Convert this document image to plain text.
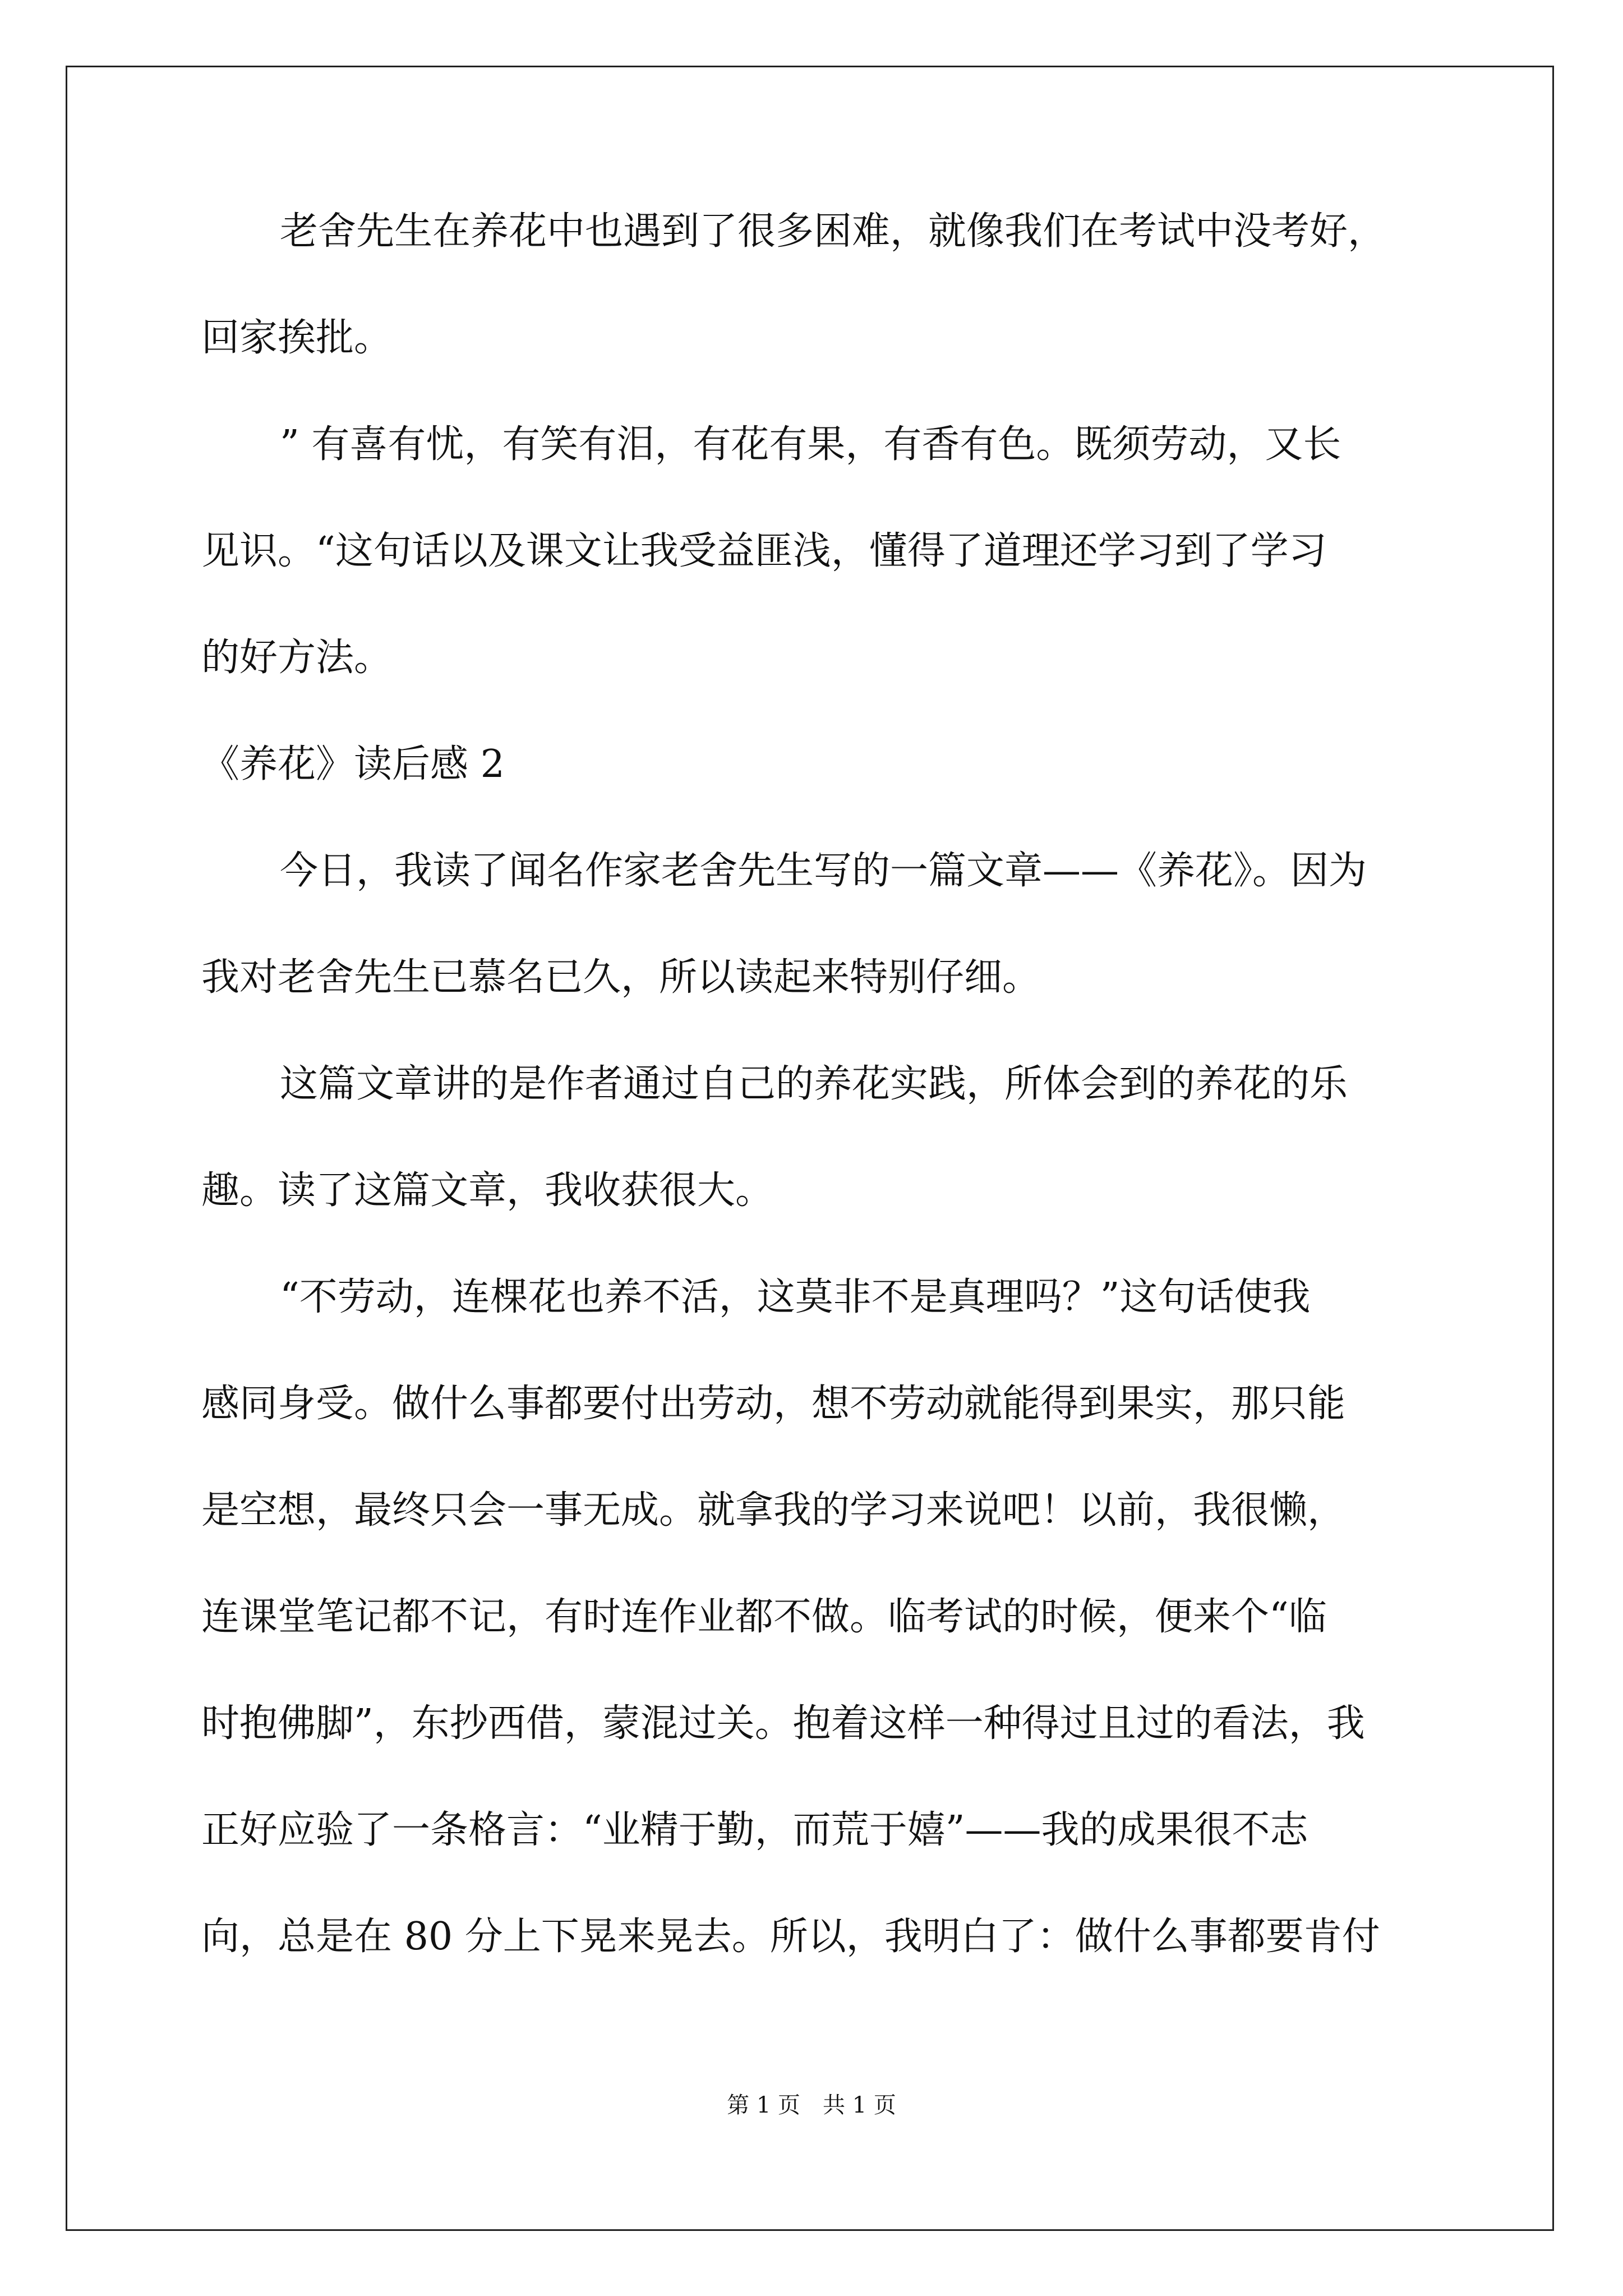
老舍先生在养花中也遇到了很多困难，就像我们在考试中没考好，
回家挨批。
” 有喜有忧，有笑有泪，有花有果，有香有色。既须劳动，又长
见识。“这句话以及课文让我受益匪浅，懂得了道理还学习到了学习
的好方法。
《养花》读后感 2
今日，我读了闻名作家老舍先生写的一篇文章——《养花》。因为
我对老舍先生已慕名已久，所以读起来特别仔细。
这篇文章讲的是作者通过自己的养花实践，所体会到的养花的乐
趣。读了这篇文章，我收获很大。
“不劳动，连棵花也养不活，这莫非不是真理吗？”这句话使我
感同身受。做什么事都要付出劳动，想不劳动就能得到果实，那只能
是空想，最终只会一事无成。就拿我的学习来说吧！以前，我很懒，
连课堂笔记都不记，有时连作业都不做。临考试的时候，便来个“临
时抱佛脚”，东抄西借，蒙混过关。抱着这样一种得过且过的看法，我
正好应验了一条格言：“业精于勤，而荒于嬉”——我的成果很不志
向，总是在 80 分上下晃来晃去。所以，我明白了：做什么事都要肯付
第 1 页　共 1 页
